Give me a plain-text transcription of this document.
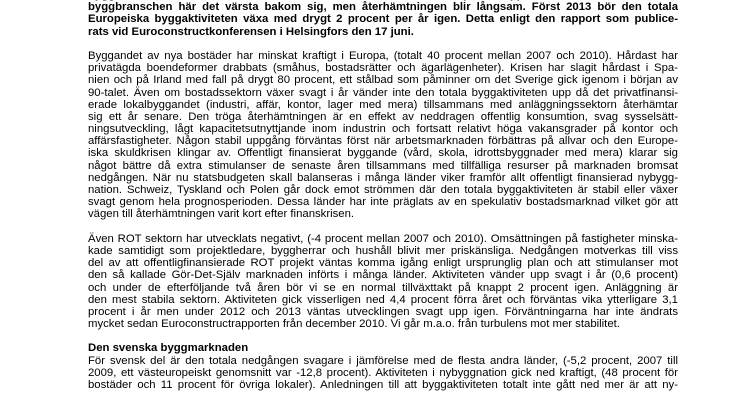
byggbranschen här det värsta bakom sig, men återhämtningen blir långsam. Först 2013 bör den totala
Europeiska byggaktiviteten växa med drygt 2 procent per år igen. Detta enligt den rapport som publice-
rats vid Euroconstructkonferensen i Helsingfors den 17 juni.
Byggandet av nya bostäder har minskat kraftigt i Europa, (totalt 40 procent mellan 2007 och 2010). Hårdast har
privatägda boendeformer drabbats (småhus, bostadsrätter och ägarlägenheter). Krisen har slagit hårdast i Spa-
nien och på Irland med fall på drygt 80 procent, ett stålbad som påminner om det Sverige gick igenom i början av
90-talet. Även om bostadssektorn växer svagt i år vänder inte den totala byggaktiviteten upp då det privatfinansi-
erade lokalbyggandet (industri, affär, kontor, lager med mera) tillsammans med anläggningssektorn återhämtar
sig ett år senare. Den tröga återhämtningen är en effekt av neddragen offentlig konsumtion, svag sysselsätt-
ningsutveckling, lågt kapacitetsutnyttjande inom industrin och fortsatt relativt höga vakansgrader på kontor och
affärsfastigheter. Någon stabil uppgång förväntas först när arbetsmarknaden förbättras på allvar och den Europe-
iska skuldkrisen klingar av. Offentligt finansierat byggande (vård, skola, idrottsbyggnader med mera) klarar sig
något bättre då extra stimulanser de senaste åren tillsammans med tillfälliga resurser på marknaden bromsat
nedgången. När nu statsbudgeten skall balanseras i många länder viker framför allt offentligt finansierad nybygg-
nation. Schweiz, Tyskland och Polen går dock emot strömmen där den totala byggaktiviteten är stabil eller växer
svagt genom hela prognosperioden. Dessa länder har inte präglats av en spekulativ bostadsmarknad vilket gör att
vägen till återhämtningen varit kort efter finanskrisen.
Även ROT sektorn har utvecklats negativt, (-4 procent mellan 2007 och 2010). Omsättningen på fastigheter minska-
kade samtidigt som projektledare, byggherrar och hushåll blivit mer priskänsliga. Nedgången motverkas till viss
del av att offentligfinansierade ROT projekt väntas komma igång enligt ursprunglig plan och att stimulanser mot
den så kallade Gör-Det-Själv marknaden införts i många länder. Aktiviteten vänder upp svagt i år (0,6 procent)
och under de efterföljande två åren bör vi se en normal tillväxttakt på knappt 2 procent igen. Anläggning är
den mest stabila sektorn. Aktiviteten gick visserligen ned 4,4 procent förra året och förväntas vika ytterligare 3,1
procent i år men under 2012 och 2013 väntas utvecklingen svagt upp igen. Förväntningarna har inte ändrats
mycket sedan Euroconstructrapporten från december 2010. Vi går m.a.o. från turbulens mot mer stabilitet.
Den svenska byggmarknaden
För svensk del är den totala nedgången svagare i jämförelse med de flesta andra länder, (-5,2 procent, 2007 till
2009, ett västeuropeiskt genomsnitt var -12,8 procent). Aktiviteten i nybyggnation gick ned kraftigt, (48 procent för
bostäder och 11 procent för övriga lokaler). Anledningen till att byggaktiviteten totalt inte gått ned mer är att ny-
